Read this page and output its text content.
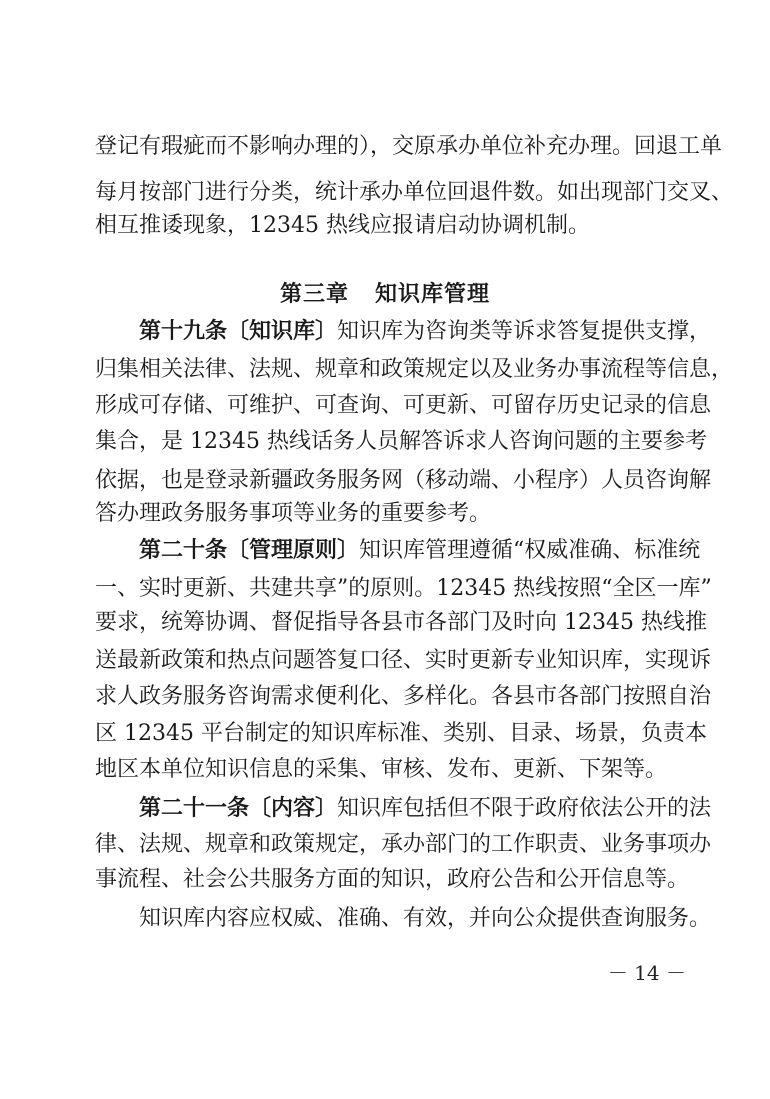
登记有瑕疵而不影响办理的），交原承办单位补充办理。回退工单
每月按部门进行分类，统计承办单位回退件数。如出现部门交叉、
相互推诿现象，12345 热线应报请启动协调机制。
第三章 知识库管理
第十九条〔知识库〕知识库为咨询类等诉求答复提供支撑，
归集相关法律、法规、规章和政策规定以及业务办事流程等信息，
形成可存储、可维护、可查询、可更新、可留存历史记录的信息
集合，是 12345 热线话务人员解答诉求人咨询问题的主要参考
依据，也是登录新疆政务服务网（移动端、小程序）人员咨询解
答办理政务服务事项等业务的重要参考。
第二十条〔管理原则〕知识库管理遵循“权威准确、标准统
一、实时更新、共建共享”的原则。12345 热线按照“全区一库”
要求，统筹协调、督促指导各县市各部门及时向 12345 热线推
送最新政策和热点问题答复口径、实时更新专业知识库，实现诉
求人政务服务咨询需求便利化、多样化。各县市各部门按照自治
区 12345 平台制定的知识库标准、类别、目录、场景，负责本
地区本单位知识信息的采集、审核、发布、更新、下架等。
第二十一条〔内容〕知识库包括但不限于政府依法公开的法
律、法规、规章和政策规定，承办部门的工作职责、业务事项办
事流程、社会公共服务方面的知识，政府公告和公开信息等。
知识库内容应权威、准确、有效，并向公众提供查询服务。
－ 14 －
